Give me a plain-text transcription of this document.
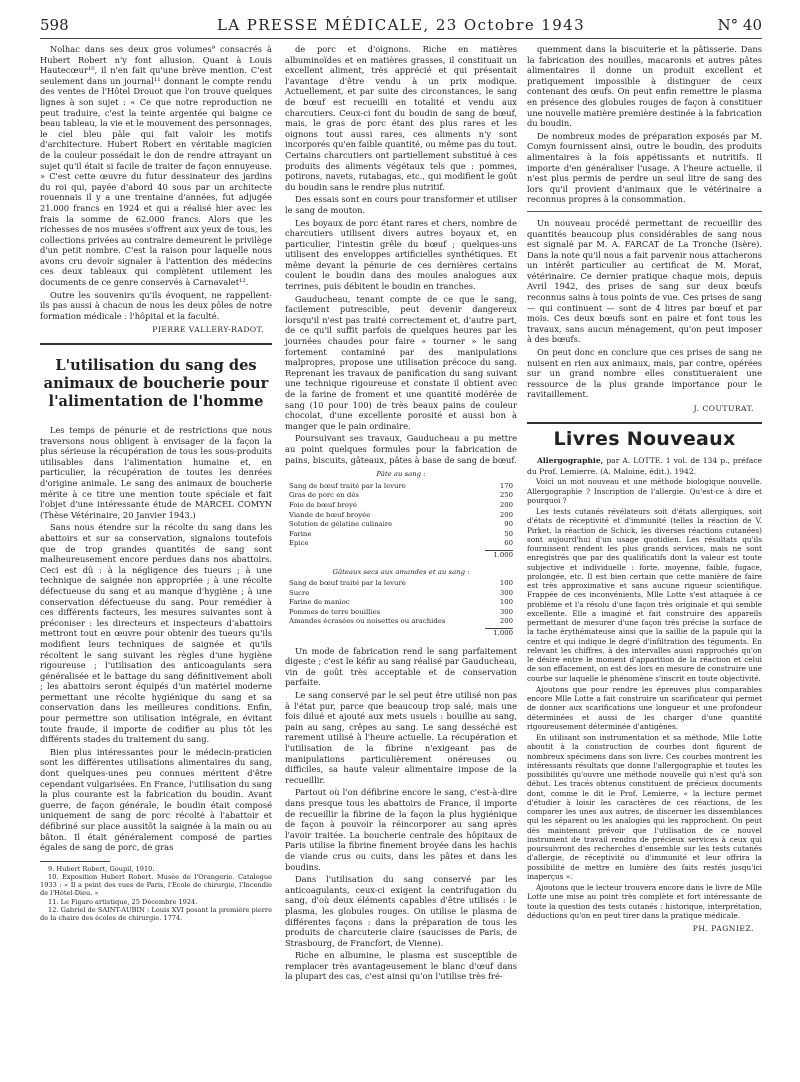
598	LA PRESSE MÉDICALE, 23 Octobre 1943	N° 40

Nolhac dans ses deux gros volumes⁹ consacrés à Hubert Robert n'y font allusion. Quant à Louis Hautecœur¹⁰, il n'en fait qu'une brève mention. C'est seulement dans un journal¹¹ donnant le compte rendu des ventes de l'Hôtel Drouot que l'on trouve quelques lignes à son sujet : « Ce que notre reproduction ne peut traduire, c'est la teinte argentée qui baigne ce beau tableau, la vie et le mouvement des personnages, le ciel bleu pâle qui fait valoir les motifs d'architecture. Hubert Robert en véritable magicien de la couleur possédait le don de rendre attrayant un sujet qu'il était si facile de traiter de façon ennuyeuse. » C'est cette œuvre du futur dessinateur des jardins du roi qui, payée d'abord 40 sous par un architecte rouennais il y a une trentaine d'années, fut adjugée 21.000 francs en 1924 et qui a réalisé hier avec les frais la somme de 62.000 francs. Alors que les richesses de nos musées s'offrent aux yeux de tous, les collections privées au contraire demeurent le privilège d'un petit nombre. C'est la raison pour laquelle nous avons cru devoir signaler à l'attention des médecins ces deux tableaux qui complètent utilement les documents de ce genre conservés à Carnavalet¹².

Outre les souvenirs qu'ils évoquent, ne rappellent-ils pas aussi à chacun de nous les deux pôles de notre formation médicale : l'hôpital et la faculté.

PIERRE VALLERY-RADOT.
L'utilisation du sang des animaux de boucherie pour l'alimentation de l'homme

Les temps de pénurie et de restrictions que nous traversons nous obligent à envisager de la façon la plus sérieuse la récupération de tous les sous-produits utilisables dans l'alimentation humaine et, en particulier, la récupération de toutes les denrées d'origine animale. Le sang des animaux de boucherie mérite à ce titre une mention toute spéciale et fait l'objet d'une intéressante étude de MARCEL COMYN (Thèse Vétérinaire, 20 Janvier 1943.)

Sans nous étendre sur la récolte du sang dans les abattoirs et sur sa conservation, signalons toutefois que de trop grandes quantités de sang sont malheureusement encore perdues dans nos abattoirs. Ceci est dû : à la négligence des tueurs ; à une technique de saignée non appropriée ; à une récolte défectueuse du sang et au manque d'hygiène ; à une conservation défectueuse du sang. Pour remédier à ces différents facteurs, les mesures suivantes sont à préconiser : les directeurs et inspecteurs d'abattoirs mettront tout en œuvre pour obtenir des tueurs qu'ils modifient leurs techniques de saignée et qu'ils récoltent le sang suivant les règles d'une hygiène rigoureuse ; l'utilisation des anticoagulants sera généralisée et le battage du sang définitivement aboli ; les abattoirs seront équipés d'un matériel moderne permettant une récolte hygiénique du sang et sa conservation dans les meilleures conditions. Enfin, pour permettre son utilisation intégrale, en évitant toute fraude, il importe de codifier au plus tôt les différents stades du traitement du sang.

Bien plus intéressantes pour le médecin-praticien sont les différentes utilisations alimentaires du sang, dont quelques-unes peu connues méritent d'être cependant vulgarisées. En France, l'utilisation du sang la plus courante est la fabrication du boudin. Avant guerre, de façon générale, le boudin était composé uniquement de sang de porc récolté à l'abattoir et défibriné sur place aussitôt la saignée à la main ou au bâton. Il était généralement composé de parties égales de sang de porc, de gras

9. Hubert Robert, Goupil, 1910.
10. Exposition Hubert Robert. Musée de l'Orangerie. Catalogue 1933 : « Il a peint des vues de Paris, l'Ecole de chirurgie, l'Incendie de l'Hôtel-Dieu. »
11. Le Figaro artistique, 25 Décembre 1924.
12. Gabriel de SAINT-AUBIN : Louis XVI posant la première pierre de la chaire des écoles de chirurgie. 1774.

de porc et d'oignons. Riche en matières albuminoïdes et en matières grasses, il constituait un excellent aliment, très apprécié et qui présentait l'avantage d'être vendu à un prix modique. Actuellement, et par suite des circonstances, le sang de bœuf est recueilli en totalité et vendu aux charcutiers. Ceux-ci font du boudin de sang de bœuf, mais, le gras de porc étant des plus rares et les oignons tout aussi rares, ces aliments n'y sont incorporés qu'en faible quantité, ou même pas du tout. Certains charcutiers ont partiellement substitué à ces produits des aliments végétaux tels que : pommes, potirons, navets, rutabagas, etc., qui modifient le goût du boudin sans le rendre plus nutritif.

Des essais sont en cours pour transformer et utiliser le sang de mouton.

Les boyaux de porc étant rares et chers, nombre de charcutiers utilisent divers autres boyaux et, en particulier, l'intestin grêle du bœuf ; quelques-uns utilisent des enveloppes artificielles synthétiques. Et même devant la pénurie de ces dernières certains coulent le boudin dans des moules analogues aux terrines, puis débitent le boudin en tranches.

Gauducheau, tenant compte de ce que le sang, facilement putrescible, peut devenir dangereux lorsqu'il n'est pas traité correctement et, d'autre part, de ce qu'il suffit parfois de quelques heures par les journées chaudes pour faire « tourner » le sang fortement contaminé par des manipulations malpropres, propose une utilisation précoce du sang. Reprenant les travaux de panification du sang suivant une technique rigoureuse et constate il obtient avec de la farine de froment et une quantité modérée de sang (10 pour 100) de très beaux pains de couleur chocolat, d'une excellente porosité et aussi bon à manger que le pain ordinaire.

Poursuivant ses travaux, Gauducheau a pu mettre au point quelques formules pour la fabrication de pains, biscuits, gâteaux, pâtes à base de sang de bœuf.

Pâte au sang :
Sang de bœuf traité par la levure	170
Gras de porc en dés	250
Foie de bœuf broyé	200
Viande de bœuf broyée	200
Solution de gélatine culinaire	90
Farine	50
Epice	60
1.000
Gâteaux secs aux amandes et au sang :
Sang de bœuf traité par la levure	100
Sucre	300
Farine de manioc	100
Pommes de terre bouillies	300
Amandes écrasées ou noisettes ou arachides	200
1.000

Un mode de fabrication rend le sang parfaitement digeste ; c'est le kéfir au sang réalisé par Gauducheau, vin de goût très acceptable et de conservation parfaite.

Le sang conservé par le sel peut être utilisé non pas à l'état pur, parce que beaucoup trop salé, mais une fois dilué et ajouté aux mets usuels : bouillie au sang, pain au sang, crêpes au sang. Le sang desséché est rarement utilisé à l'heure actuelle. La récupération et l'utilisation de la fibrine n'exigeant pas de manipulations particulièrement onéreuses ou difficiles, sa haute valeur alimentaire impose de la recueillir.

Partout où l'on défibrine encore le sang, c'est-à-dire dans presque tous les abattoirs de France, il importe de recueillir la fibrine de la façon la plus hygiénique de façon à pouvoir la réincorporer au sang après l'avoir traitée. La boucherie centrale des hôpitaux de Paris utilise la fibrine finement broyée dans les hachis de viande crus ou cuits, dans les pâtes et dans les boudins.

Dans l'utilisation du sang conservé par les anticoagulants, ceux-ci exigent la centrifugation du sang, d'où deux éléments capables d'être utilisés : le plasma, les globules rouges. On utilise le plasma de différentes façons : dans la préparation de tous les produits de charcuterie claire (saucisses de Paris, de Strasbourg, de Francfort, de Vienne).

Riche en albumine, le plasma est susceptible de remplacer très avantageusement le blanc d'œuf dans la plupart des cas, c'est ainsi qu'on l'utilise très fré-

quemment dans la biscuiterie et la pâtisserie. Dans la fabrication des nouilles, macaronis et autres pâtes alimentaires il donne un produit excellent et pratiquement impossible à distinguer de ceux contenant des œufs. On peut enfin remettre le plasma en présence des globules rouges de façon à constituer une nouvelle matière première destinée à la fabrication du boudin.

De nombreux modes de préparation exposés par M. Comyn fournissent ainsi, outre le boudin, des produits alimentaires à la fois appétissants et nutritifs. Il importe d'en généraliser l'usage. A l'heure actuelle, il n'est plus permis de perdre un seul litre de sang des lors qu'il provient d'animaux que le vétérinaire a reconnus propres à la consommation.

Un nouveau procédé permettant de recueillir des quantités beaucoup plus considérables de sang nous est signalé par M. A. FARCAT de La Tronche (Isère). Dans la note qu'il nous a fait parvenir nous attacherons un intérêt particulier au certificat de M. Morat, vétérinaire. Ce dernier pratique chaque mois, depuis Avril 1942, des prises de sang sur deux bœufs reconnus sains à tous points de vue. Ces prises de sang — qui continuent — sont de 4 litres par bœuf et par mois. Ces deux bœufs sont en paire et font tous les travaux, sans aucun ménagement, qu'on peut imposer à des bœufs.

On peut donc en conclure que ces prises de sang ne nuisent en rien aux animaux, mais, par contre, opérées sur un grand nombre elles constitueraient une ressource de la plus grande importance pour le ravitaillement.

J. COUTURAT.
Livres Nouveaux

Allergographie, par A. LOTTE. 1 vol. de 134 p., préface du Prof. Lemierre. (A. Maloine, édit.). 1942.

Voici un mot nouveau et une méthode biologique nouvelle. Allergographie ? Inscription de l'allergie. Qu'est-ce à dire et pourquoi ?

Les tests cutanés révélateurs soit d'états allergiques, soit d'états de réceptivité et d'immunité (telles la réaction de V. Pirket, la réaction de Schick, les diverses réactions cutanées) sont aujourd'hui d'un usage quotidien. Les résultats qu'ils fournissent rendent les plus grands services, mais ne sont enregistrés que par des qualificatifs dont la valeur est toute subjective et individuelle : forte, moyenne, faible, fugace, prolongée, etc. Il est bien certain que cette manière de faire est très approximative et sans aucune rigueur scientifique. Frappée de ces inconvénients, Mlle Lotte s'est attaquée à ce problème et l'a résolu d'une façon très originale et qui semble excellente. Elle a imaginé et fait construire des appareils permettant de mesurer d'une façon très précise la surface de la tache érythémateuse ainsi que la saillie de la papule qui la centre et qui indique le degré d'infiltration des téguments. En relevant les chiffres, à des intervalles aussi rapprochés qu'on le désire entre le moment d'apparition de la réaction et celui de son effacement, on est dès lors en mesure de construire une courbe sur laquelle le phénomène s'inscrit en toute objectivité.

Ajoutons que pour rendre les épreuves plus comparables encore Mlle Lotte a fait construire un scarificateur qui permet de donner aux scarifications une longueur et une profondeur déterminées et aussi de les charger d'une quantité rigoureusement déterminée d'antigènes.

En utilisant son instrumentation et sa méthode, Mlle Lotte aboutit à la construction de courbes dont figurent de nombreux spécimens dans son livre. Ces courbes montrent les intéressants résultats que donne l'allergographie et toutes les possibilités qu'ouvre une méthode nouvelle qui n'est qu'à son début. Les tracés obtenus constituent de précieux documents dont, comme le dit le Prof. Lemierre, « la lecture permet d'étudier à loisir les caractères de ces réactions, de les comparer les unes aux autres, de discerner les dissemblances qui les séparent ou les analogies qui les rapprochent. On peut dès maintenant prévoir que l'utilisation de ce nouvel instrument de travail rendra de précieux services à ceux qui poursuivront des recherches d'ensemble sur les tests cutanés d'allergie, de réceptivité ou d'immunité et leur offrira la possibilité de mettre en lumière des faits restés jusqu'ici inaperçus ».

Ajoutons que le lecteur trouvera encore dans le livre de Mlle Lotte une mise au point très complète et fort intéressante de toute la question des tests cutanés : historique, interprétation, déductions qu'on en peut tirer dans la pratique médicale.

PH. PAGNIEZ.
